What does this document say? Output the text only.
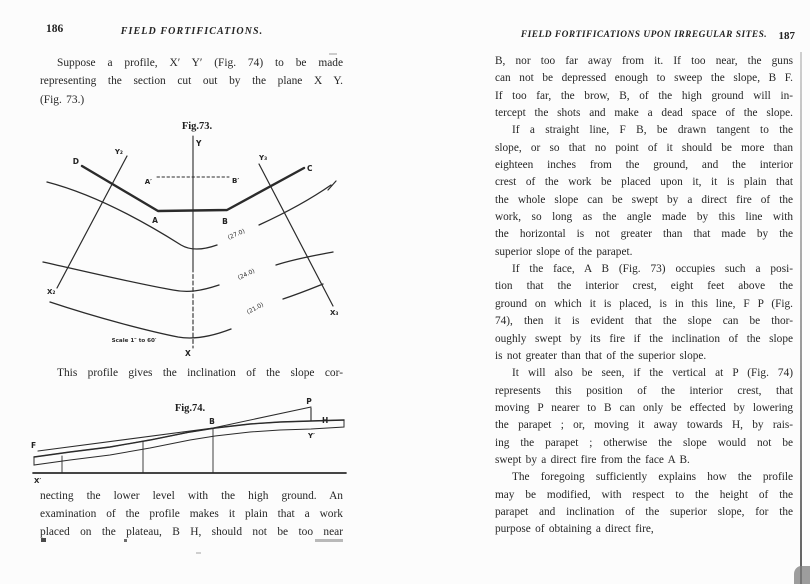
186	FIELD FORTIFICATIONS.
Suppose a profile, X′ Y′ (Fig. 74) to be made
representing the section cut out by the plane X Y.
(Fig. 73.)
Fig.73.
D
Y₂
Y
Y₃
C
A′	B′
A	B
X₂
X
X₃
(27.0)
(24.0)
(21.0)
Scale 1″ to 60′
This profile gives the inclination of the slope cor-
Fig.74.
F
X′
B
P
H
Y′
necting the lower level with the high ground. An
examination of the profile makes it plain that a work
placed on the plateau, B H, should not be too near
FIELD FORTIFICATIONS UPON IRREGULAR SITES.	187
B, nor too far away from it. If too near, the guns
can not be depressed enough to sweep the slope, B F.
If too far, the brow, B, of the high ground will in-
tercept the shots and make a dead space of the slope.
If a straight line, F B, be drawn tangent to the
slope, or so that no point of it should be more than
eighteen inches from the ground, and the interior
crest of the work be placed upon it, it is plain that
the whole slope can be swept by a direct fire of the
work, so long as the angle made by this line with
the horizontal is not greater than that made by the
superior slope of the parapet.
If the face, A B (Fig. 73) occupies such a posi-
tion that the interior crest, eight feet above the
ground on which it is placed, is in this line, F P (Fig.
74), then it is evident that the slope can be thor-
oughly swept by its fire if the inclination of the slope
is not greater than that of the superior slope.
It will also be seen, if the vertical at P (Fig. 74)
represents this position of the interior crest, that
moving P nearer to B can only be effected by lowering
the parapet ; or, moving it away towards H, by rais-
ing the parapet ; otherwise the slope would not be
swept by a direct fire from the face A B.
The foregoing sufficiently explains how the profile
may be modified, with respect to the height of the
parapet and inclination of the superior slope, for the
purpose of obtaining a direct fire,
